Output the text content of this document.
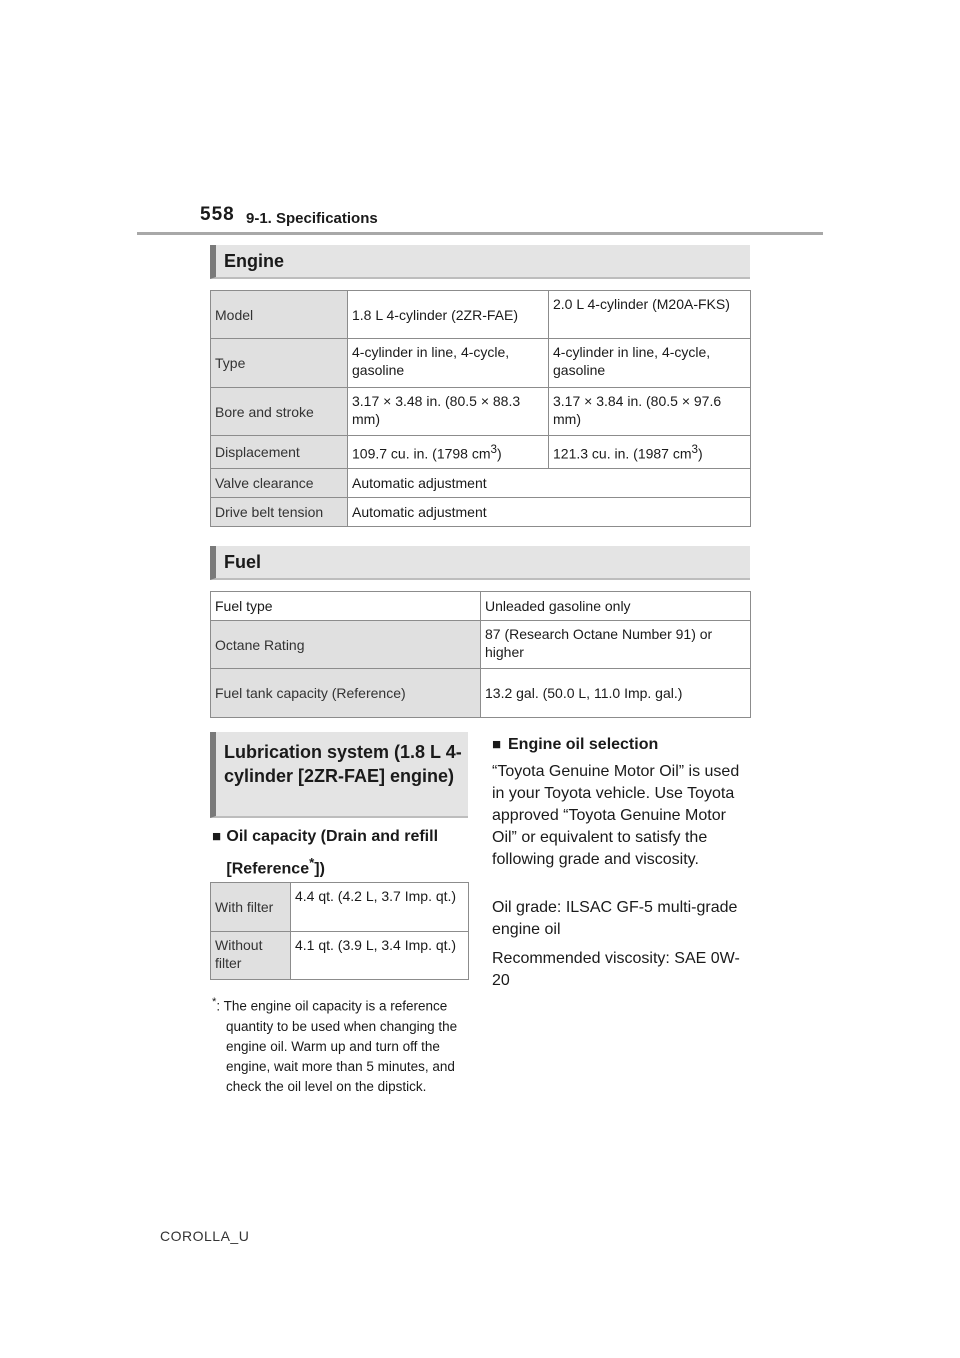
558 9-1. Specifications
Engine
Model	1.8 L 4-cylinder (2ZR-FAE)	2.0 L 4-cylinder (M20A-FKS)
Type	4-cylinder in line, 4-cycle, gasoline	4-cylinder in line, 4-cycle, gasoline
Bore and stroke	3.17 × 3.48 in. (80.5 × 88.3 mm)	3.17 × 3.84 in. (80.5 × 97.6 mm)
Displacement	109.7 cu. in. (1798 $cm^3$)	121.3 cu. in. (1987 $cm^3$)
Valve clearance	Automatic adjustment	
Drive belt tension	Automatic adjustment	
Fuel
Fuel type	Unleaded gasoline only
Octane Rating	87 (Research Octane Number 91) or higher
Fuel tank capacity (Reference)	13.2 gal. (50.0 L, 11.0 Imp. gal.)
Lubrication system (1.8 L 4-cylinder [2ZR-FAE] engine)
■ Oil capacity (Drain and refill [Reference*])
With filter	4.4 qt. (4.2 L, 3.7 Imp. qt.)
Without filter	4.1 qt. (3.9 L, 3.4 Imp. qt.)
*: The engine oil capacity is a reference quantity to be used when changing the engine oil. Warm up and turn off the engine, wait more than 5 minutes, and check the oil level on the dipstick.
■ Engine oil selection
“Toyota Genuine Motor Oil” is used in your Toyota vehicle. Use Toyota approved “Toyota Genuine Motor Oil” or equivalent to satisfy the following grade and viscosity.
Oil grade: ILSAC GF-5 multi-grade engine oil
Recommended viscosity: SAE 0W-20
COROLLA_U
